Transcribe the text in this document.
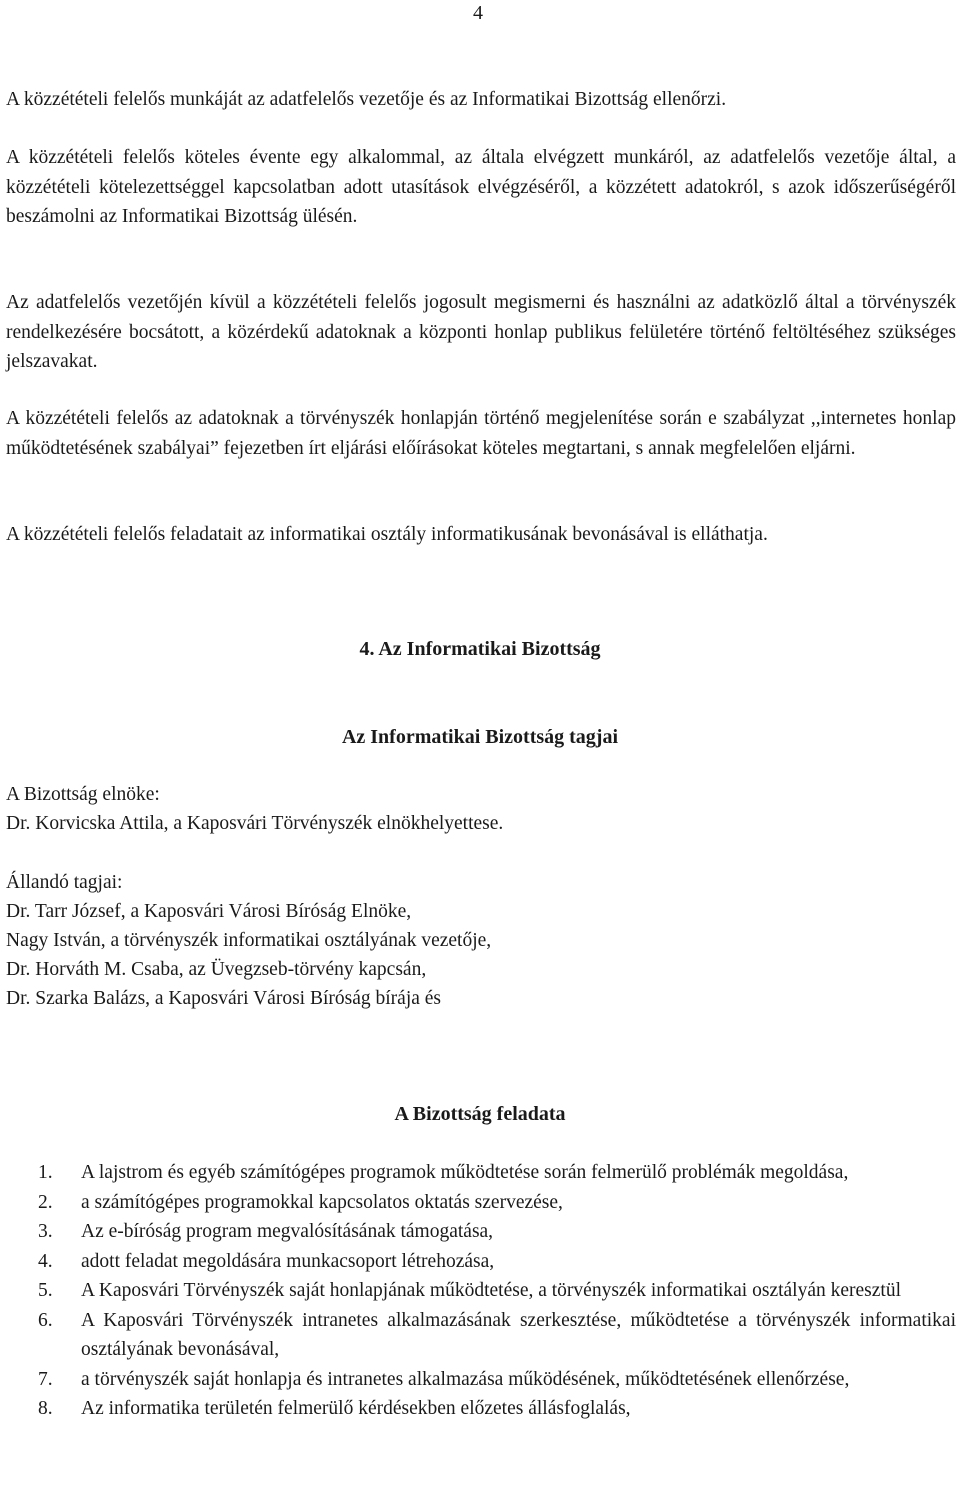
4

A közzétételi felelős munkáját az adatfelelős vezetője és az Informatikai Bizottság ellenőrzi.

A közzétételi felelős köteles évente egy alkalommal, az általa elvégzett munkáról, az adatfelelős vezetője által, a közzétételi kötelezettséggel kapcsolatban adott utasítások elvégzéséről, a közzétett adatokról, s azok időszerűségéről beszámolni az Informatikai Bizottság ülésén.

Az adatfelelős vezetőjén kívül a közzétételi felelős jogosult megismerni és használni az adatközlő által a törvényszék rendelkezésére bocsátott, a közérdekű adatoknak a központi honlap publikus felületére történő feltöltéséhez szükséges jelszavakat.

A közzétételi felelős az adatoknak a törvényszék honlapján történő megjelenítése során e szabályzat ,,internetes honlap működtetésének szabályai” fejezetben írt eljárási előírásokat köteles megtartani, s annak megfelelően eljárni.

A közzétételi felelős feladatait az informatikai osztály informatikusának bevonásával is elláthatja.

4. Az Informatikai Bizottság
Az Informatikai Bizottság tagjai
A Bizottság elnöke:
Dr. Korvicska Attila, a Kaposvári Törvényszék elnökhelyettese.
Állandó tagjai:
Dr. Tarr József, a Kaposvári Városi Bíróság Elnöke,
Nagy István, a törvényszék informatikai osztályának vezetője,
Dr. Horváth M. Csaba, az Üvegzseb-törvény kapcsán,
Dr. Szarka Balázs, a Kaposvári Városi Bíróság bírája és
A Bizottság feladata
1. A lajstrom és egyéb számítógépes programok működtetése során felmerülő problémák megoldása,
2. a számítógépes programokkal kapcsolatos oktatás szervezése,
3. Az e-bíróság program megvalósításának támogatása,
4. adott feladat megoldására munkacsoport létrehozása,
5. A Kaposvári Törvényszék saját honlapjának működtetése, a törvényszék informatikai osztályán keresztül
6. A Kaposvári Törvényszék intranetes alkalmazásának szerkesztése, működtetése a törvényszék informatikai osztályának bevonásával,
7. a törvényszék saját honlapja és intranetes alkalmazása működésének, működtetésének ellenőrzése,
8. Az informatika területén felmerülő kérdésekben előzetes állásfoglalás,
